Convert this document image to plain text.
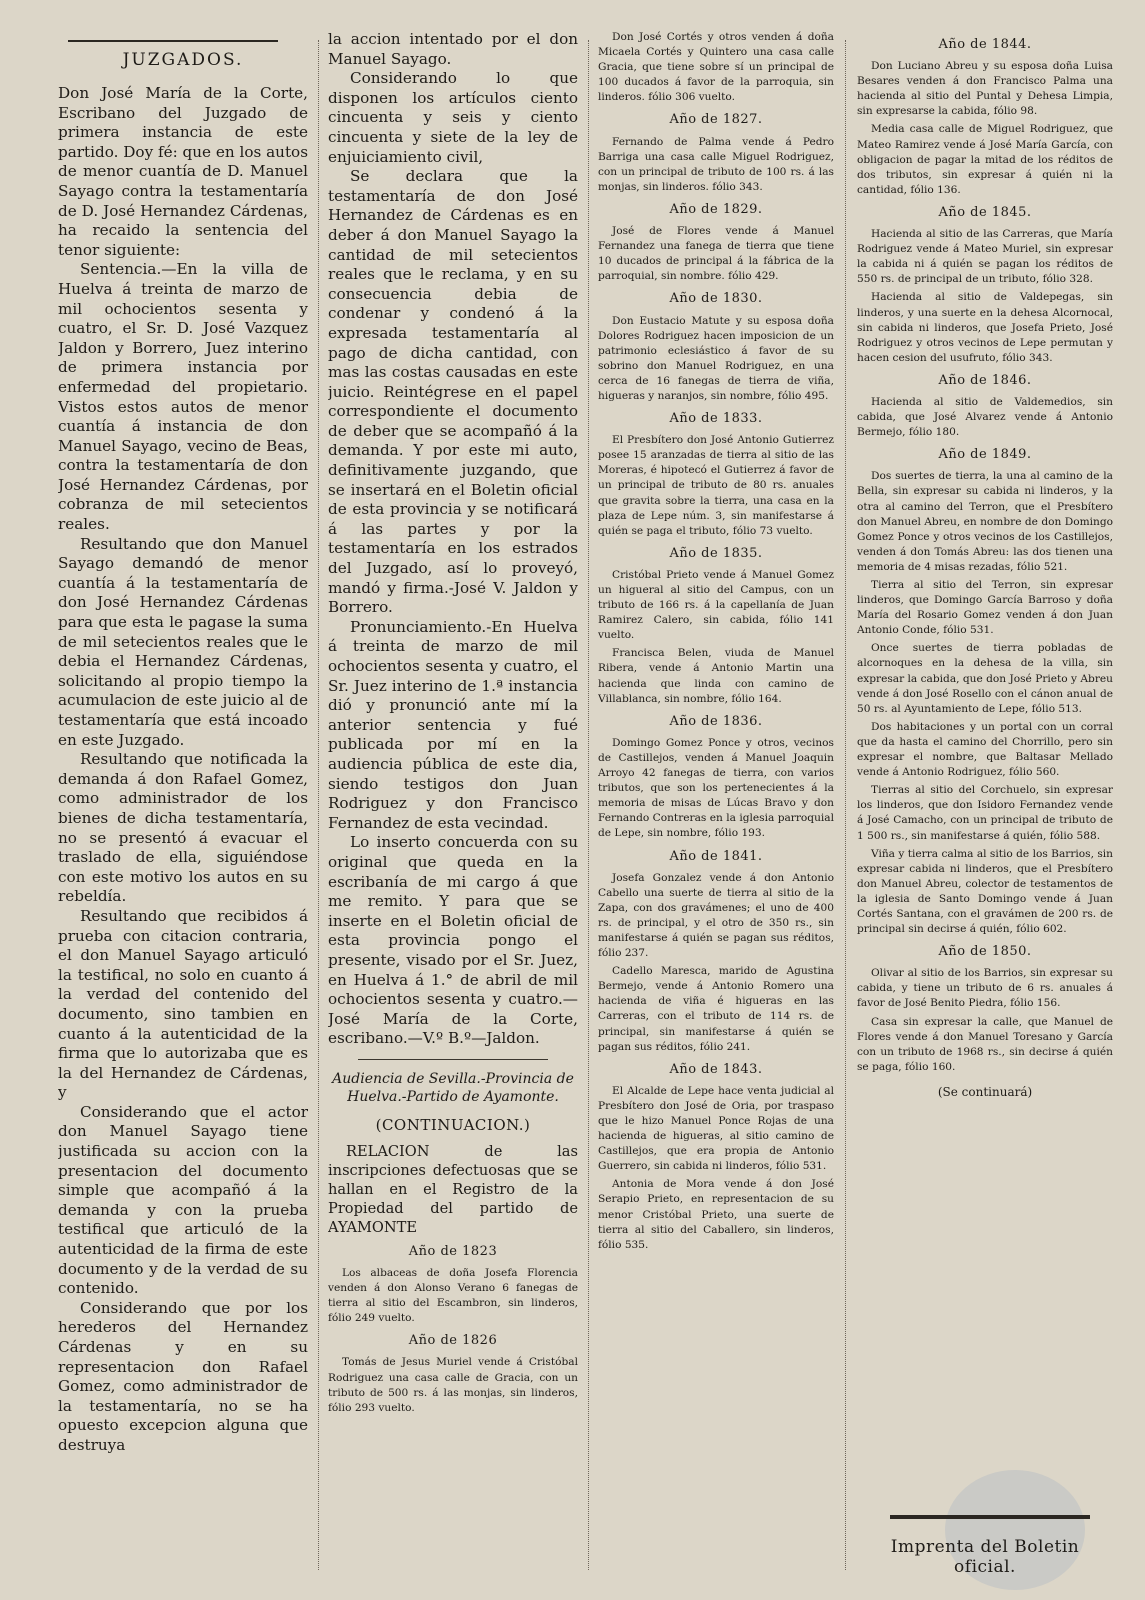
JUZGADOS.

Don José María de la Corte, Escribano del Juzgado de primera instancia de este partido. Doy fé: que en los autos de menor cuantía de D. Manuel Sayago contra la testamentaría de D. José Hernandez Cárdenas, ha recaido la sentencia del tenor siguiente:

Sentencia.—En la villa de Huelva á treinta de marzo de mil ochocientos sesenta y cuatro, el Sr. D. José Vazquez Jaldon y Borrero, Juez interino de primera instancia por enfermedad del propietario. Vistos estos autos de menor cuantía á instancia de don Manuel Sayago, vecino de Beas, contra la testamentaría de don José Hernandez Cárdenas, por cobranza de mil setecientos reales.

Resultando que don Manuel Sayago demandó de menor cuantía á la testamentaría de don José Hernandez Cárdenas para que esta le pagase la suma de mil setecientos reales que le debia el Hernandez Cárdenas, solicitando al propio tiempo la acumulacion de este juicio al de testamentaría que está incoado en este Juzgado.

Resultando que notificada la demanda á don Rafael Gomez, como administrador de los bienes de dicha testamentaría, no se presentó á evacuar el traslado de ella, siguiéndose con este motivo los autos en su rebeldía.

Resultando que recibidos á prueba con citacion contraria, el don Manuel Sayago articuló la testifical, no solo en cuanto á la verdad del contenido del documento, sino tambien en cuanto á la autenticidad de la firma que lo autorizaba que es la del Hernandez de Cárdenas, y

Considerando que el actor don Manuel Sayago tiene justificada su accion con la presentacion del documento simple que acompañó á la demanda y con la prueba testifical que articuló de la autenticidad de la firma de este documento y de la verdad de su contenido.

Considerando que por los herederos del Hernandez Cárdenas y en su representacion don Rafael Gomez, como administrador de la testamentaría, no se ha opuesto excepcion alguna que destruya

la accion intentado por el don Manuel Sayago.

Considerando lo que disponen los artículos ciento cincuenta y seis y ciento cincuenta y siete de la ley de enjuiciamiento civil,

Se declara que la testamentaría de don José Hernandez de Cárdenas es en deber á don Manuel Sayago la cantidad de mil setecientos reales que le reclama, y en su consecuencia debia de condenar y condenó á la expresada testamentaría al pago de dicha cantidad, con mas las costas causadas en este juicio. Reintégrese en el papel correspondiente el documento de deber que se acompañó á la demanda. Y por este mi auto, definitivamente juzgando, que se insertará en el Boletin oficial de esta provincia y se notificará á las partes y por la testamentaría en los estrados del Juzgado, así lo proveyó, mandó y firma.-José V. Jaldon y Borrero.

Pronunciamiento.-En Huelva á treinta de marzo de mil ochocientos sesenta y cuatro, el Sr. Juez interino de 1.ª instancia dió y pronunció ante mí la anterior sentencia y fué publicada por mí en la audiencia pública de este dia, siendo testigos don Juan Rodriguez y don Francisco Fernandez de esta vecindad.

Lo inserto concuerda con su original que queda en la escribanía de mi cargo á que me remito. Y para que se inserte en el Boletin oficial de esta provincia pongo el presente, visado por el Sr. Juez, en Huelva á 1.° de abril de mil ochocientos sesenta y cuatro.—José María de la Corte, escribano.—V.º B.º—Jaldon.

Audiencia de Sevilla.-Provincia de Huelva.-Partido de Ayamonte.
(CONTINUACION.)

RELACION de las inscripciones defectuosas que se hallan en el Registro de la Propiedad del partido de AYAMONTE

Año de 1823

Los albaceas de doña Josefa Florencia venden á don Alonso Verano 6 fanegas de tierra al sitio del Escambron, sin linderos, fólio 249 vuelto.

Año de 1826

Tomás de Jesus Muriel vende á Cristóbal Rodriguez una casa calle de Gracia, con un tributo de 500 rs. á las monjas, sin linderos, fólio 293 vuelto.

Don José Cortés y otros venden á doña Micaela Cortés y Quintero una casa calle Gracia, que tiene sobre sí un principal de 100 ducados á favor de la parroquia, sin linderos. fólio 306 vuelto.

Año de 1827.

Fernando de Palma vende á Pedro Barriga una casa calle Miguel Rodriguez, con un principal de tributo de 100 rs. á las monjas, sin linderos. fólio 343.

Año de 1829.

José de Flores vende á Manuel Fernandez una fanega de tierra que tiene 10 ducados de principal á la fábrica de la parroquial, sin nombre. fólio 429.

Año de 1830.

Don Eustacio Matute y su esposa doña Dolores Rodriguez hacen imposicion de un patrimonio eclesiástico á favor de su sobrino don Manuel Rodriguez, en una cerca de 16 fanegas de tierra de viña, higueras y naranjos, sin nombre, fólio 495.

Año de 1833.

El Presbítero don José Antonio Gutierrez posee 15 aranzadas de tierra al sitio de las Moreras, é hipotecó el Gutierrez á favor de un principal de tributo de 80 rs. anuales que gravita sobre la tierra, una casa en la plaza de Lepe núm. 3, sin manifestarse á quién se paga el tributo, fólio 73 vuelto.

Año de 1835.

Cristóbal Prieto vende á Manuel Gomez un higueral al sitio del Campus, con un tributo de 166 rs. á la capellanía de Juan Ramirez Calero, sin cabida, fólio 141 vuelto.

Francisca Belen, viuda de Manuel Ribera, vende á Antonio Martin una hacienda que linda con camino de Villablanca, sin nombre, fólio 164.

Año de 1836.

Domingo Gomez Ponce y otros, vecinos de Castillejos, venden á Manuel Joaquin Arroyo 42 fanegas de tierra, con varios tributos, que son los pertenecientes á la memoria de misas de Lúcas Bravo y don Fernando Contreras en la iglesia parroquial de Lepe, sin nombre, fólio 193.

Año de 1841.

Josefa Gonzalez vende á don Antonio Cabello una suerte de tierra al sitio de la Zapa, con dos gravámenes; el uno de 400 rs. de principal, y el otro de 350 rs., sin manifestarse á quién se pagan sus réditos, fólio 237.

Cadello Maresca, marido de Agustina Bermejo, vende á Antonio Romero una hacienda de viña é higueras en las Carreras, con el tributo de 114 rs. de principal, sin manifestarse á quién se pagan sus réditos, fólio 241.

Año de 1843.

El Alcalde de Lepe hace venta judicial al Presbítero don José de Oria, por traspaso que le hizo Manuel Ponce Rojas de una hacienda de higueras, al sitio camino de Castillejos, que era propia de Antonio Guerrero, sin cabida ni linderos, fólio 531.

Antonia de Mora vende á don José Serapio Prieto, en representacion de su menor Cristóbal Prieto, una suerte de tierra al sitio del Caballero, sin linderos, fólio 535.

Año de 1844.

Don Luciano Abreu y su esposa doña Luisa Besares venden á don Francisco Palma una hacienda al sitio del Puntal y Dehesa Limpia, sin expresarse la cabida, fólio 98.

Media casa calle de Miguel Rodriguez, que Mateo Ramirez vende á José María García, con obligacion de pagar la mitad de los réditos de dos tributos, sin expresar á quién ni la cantidad, fólio 136.

Año de 1845.

Hacienda al sitio de las Carreras, que María Rodriguez vende á Mateo Muriel, sin expresar la cabida ni á quién se pagan los réditos de 550 rs. de principal de un tributo, fólio 328.

Hacienda al sitio de Valdepegas, sin linderos, y una suerte en la dehesa Alcornocal, sin cabida ni linderos, que Josefa Prieto, José Rodriguez y otros vecinos de Lepe permutan y hacen cesion del usufruto, fólio 343.

Año de 1846.

Hacienda al sitio de Valdemedios, sin cabida, que José Alvarez vende á Antonio Bermejo, fólio 180.

Año de 1849.

Dos suertes de tierra, la una al camino de la Bella, sin expresar su cabida ni linderos, y la otra al camino del Terron, que el Presbítero don Manuel Abreu, en nombre de don Domingo Gomez Ponce y otros vecinos de los Castillejos, venden á don Tomás Abreu: las dos tienen una memoria de 4 misas rezadas, fólio 521.

Tierra al sitio del Terron, sin expresar linderos, que Domingo García Barroso y doña María del Rosario Gomez venden á don Juan Antonio Conde, fólio 531.

Once suertes de tierra pobladas de alcornoques en la dehesa de la villa, sin expresar la cabida, que don José Prieto y Abreu vende á don José Rosello con el cánon anual de 50 rs. al Ayuntamiento de Lepe, fólio 513.

Dos habitaciones y un portal con un corral que da hasta el camino del Chorrillo, pero sin expresar el nombre, que Baltasar Mellado vende á Antonio Rodriguez, fólio 560.

Tierras al sitio del Corchuelo, sin expresar los linderos, que don Isidoro Fernandez vende á José Camacho, con un principal de tributo de 1 500 rs., sin manifestarse á quién, fólio 588.

Viña y tierra calma al sitio de los Barrios, sin expresar cabida ni linderos, que el Presbítero don Manuel Abreu, colector de testamentos de la iglesia de Santo Domingo vende á Juan Cortés Santana, con el gravámen de 200 rs. de principal sin decirse á quién, fólio 602.

Año de 1850.

Olivar al sitio de los Barrios, sin expresar su cabida, y tiene un tributo de 6 rs. anuales á favor de José Benito Piedra, fólio 156.

Casa sin expresar la calle, que Manuel de Flores vende á don Manuel Toresano y García con un tributo de 1968 rs., sin decirse á quién se paga, fólio 160.

(Se continuará)
Imprenta del Boletin oficial.
